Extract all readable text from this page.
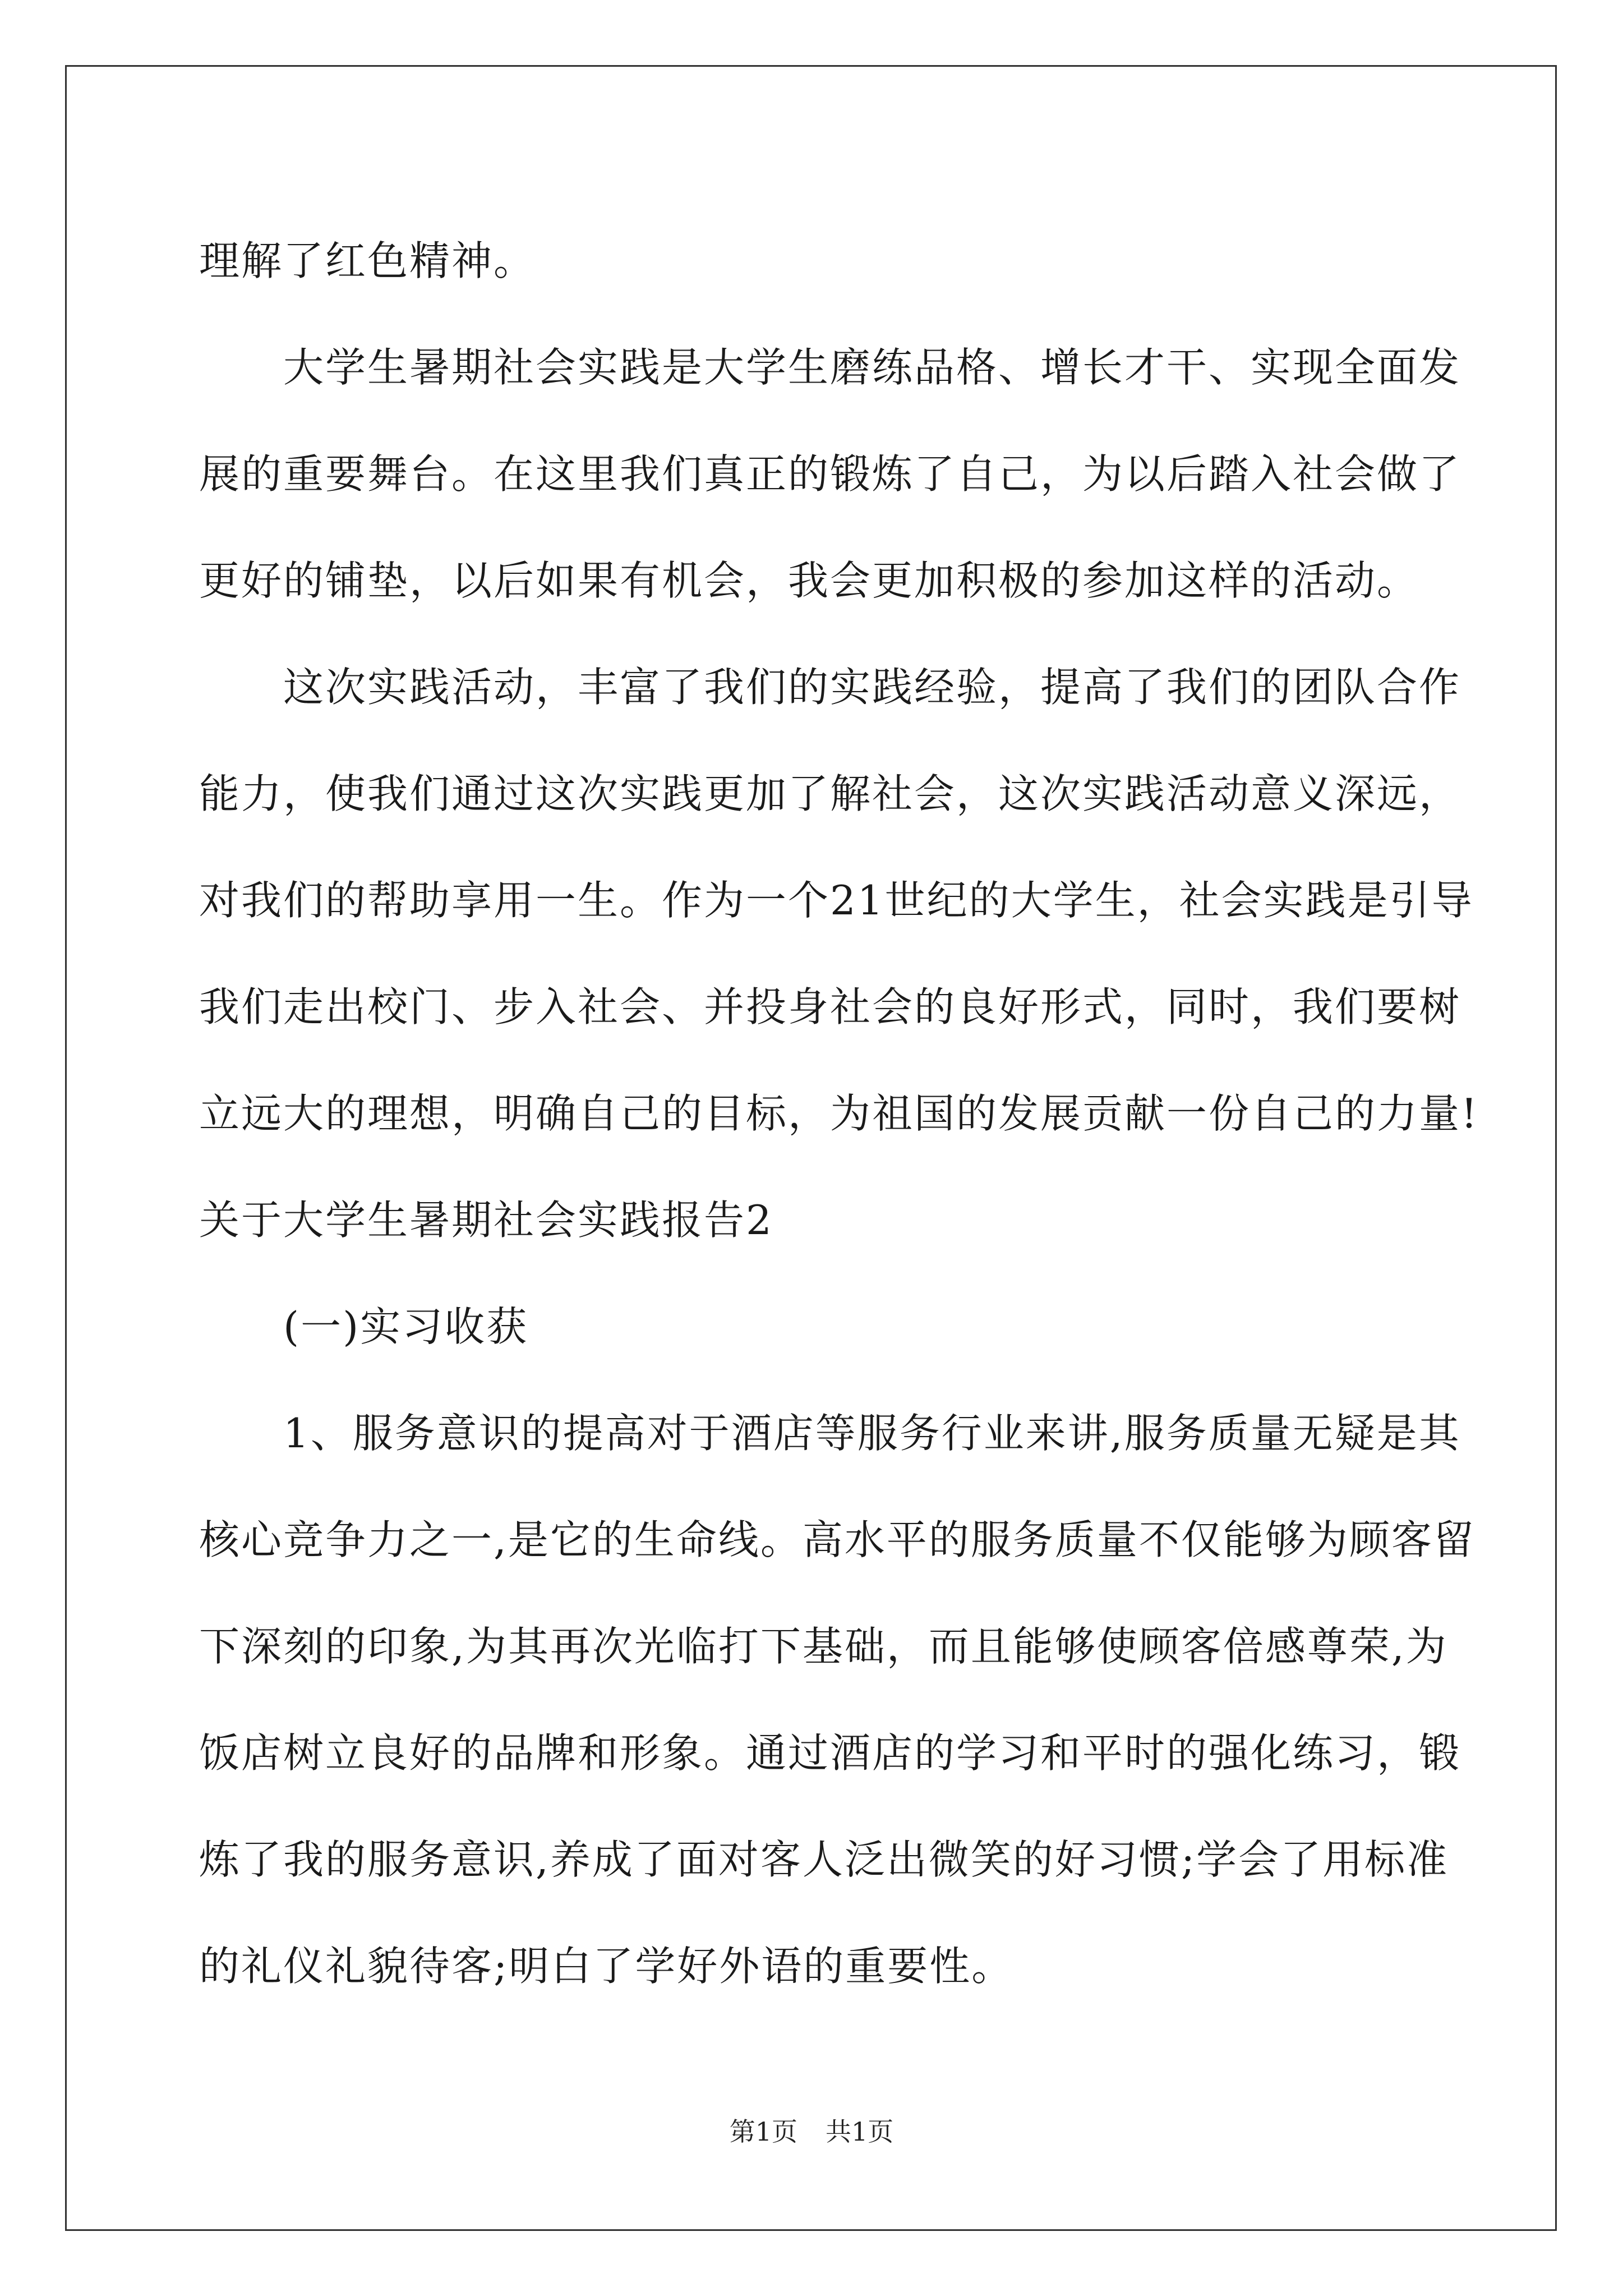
理解了红色精神。
　　大学生暑期社会实践是大学生磨练品格、增长才干、实现全面发
展的重要舞台。在这里我们真正的锻炼了自己，为以后踏入社会做了
更好的铺垫，以后如果有机会，我会更加积极的参加这样的活动。
　　这次实践活动，丰富了我们的实践经验，提高了我们的团队合作
能力，使我们通过这次实践更加了解社会，这次实践活动意义深远，
对我们的帮助享用一生。作为一个21世纪的大学生，社会实践是引导
我们走出校门、步入社会、并投身社会的良好形式，同时，我们要树
立远大的理想，明确自己的目标，为祖国的发展贡献一份自己的力量!
关于大学生暑期社会实践报告2
　　(一)实习收获
　　1、服务意识的提高对于酒店等服务行业来讲,服务质量无疑是其
核心竞争力之一,是它的生命线。高水平的服务质量不仅能够为顾客留
下深刻的印象,为其再次光临打下基础，而且能够使顾客倍感尊荣,为
饭店树立良好的品牌和形象。通过酒店的学习和平时的强化练习，锻
炼了我的服务意识,养成了面对客人泛出微笑的好习惯;学会了用标准
的礼仪礼貌待客;明白了学好外语的重要性。
第1页 共1页
